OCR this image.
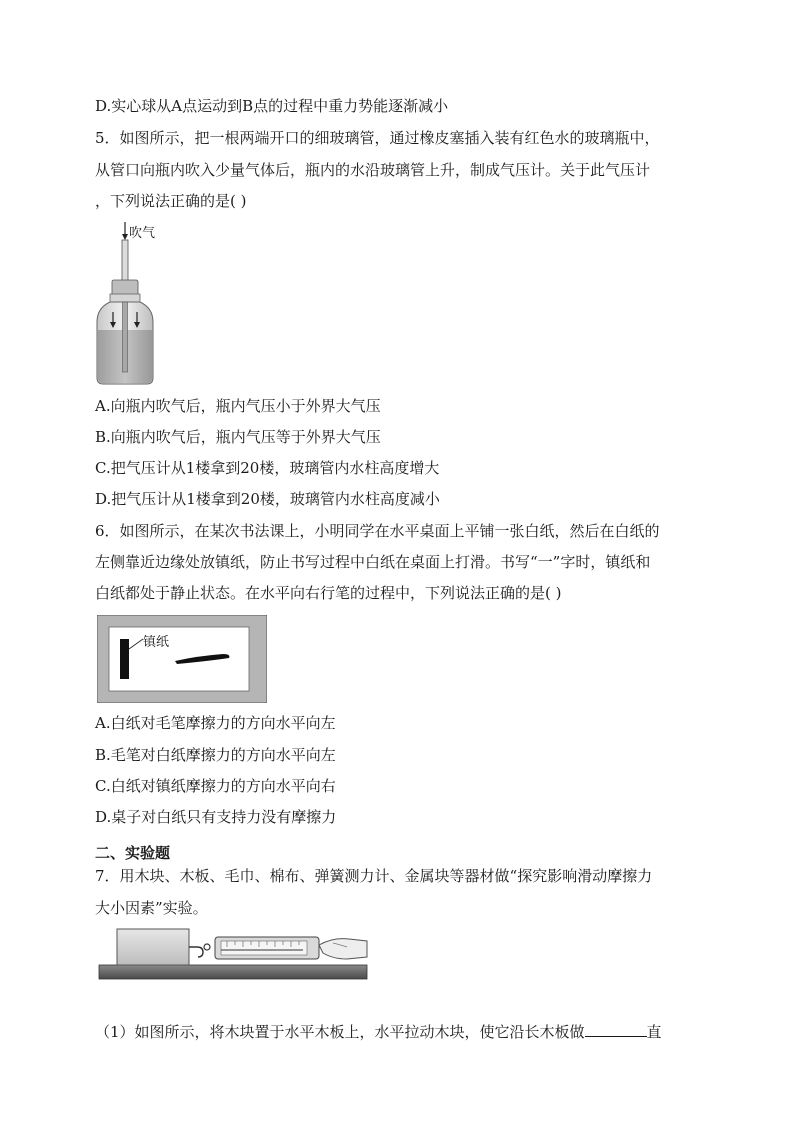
D.实心球从A点运动到B点的过程中重力势能逐渐减小
5．如图所示，把一根两端开口的细玻璃管，通过橡皮塞插入装有红色水的玻璃瓶中，
从管口向瓶内吹入少量气体后，瓶内的水沿玻璃管上升，制成气压计。关于此气压计
，下列说法正确的是( )
吹气
A.向瓶内吹气后，瓶内气压小于外界大气压
B.向瓶内吹气后，瓶内气压等于外界大气压
C.把气压计从1楼拿到20楼，玻璃管内水柱高度增大
D.把气压计从1楼拿到20楼，玻璃管内水柱高度减小
6．如图所示，在某次书法课上，小明同学在水平桌面上平铺一张白纸，然后在白纸的
左侧靠近边缘处放镇纸，防止书写过程中白纸在桌面上打滑。书写“一”字时，镇纸和
白纸都处于静止状态。在水平向右行笔的过程中，下列说法正确的是( )
镇纸
A.白纸对毛笔摩擦力的方向水平向左
B.毛笔对白纸摩擦力的方向水平向左
C.白纸对镇纸摩擦力的方向水平向右
D.桌子对白纸只有支持力没有摩擦力
二、实验题
7．用木块、木板、毛巾、棉布、弹簧测力计、金属块等器材做“探究影响滑动摩擦力
大小因素”实验。
（1）如图所示，将木块置于水平木板上，水平拉动木块，使它沿长木板做	直
